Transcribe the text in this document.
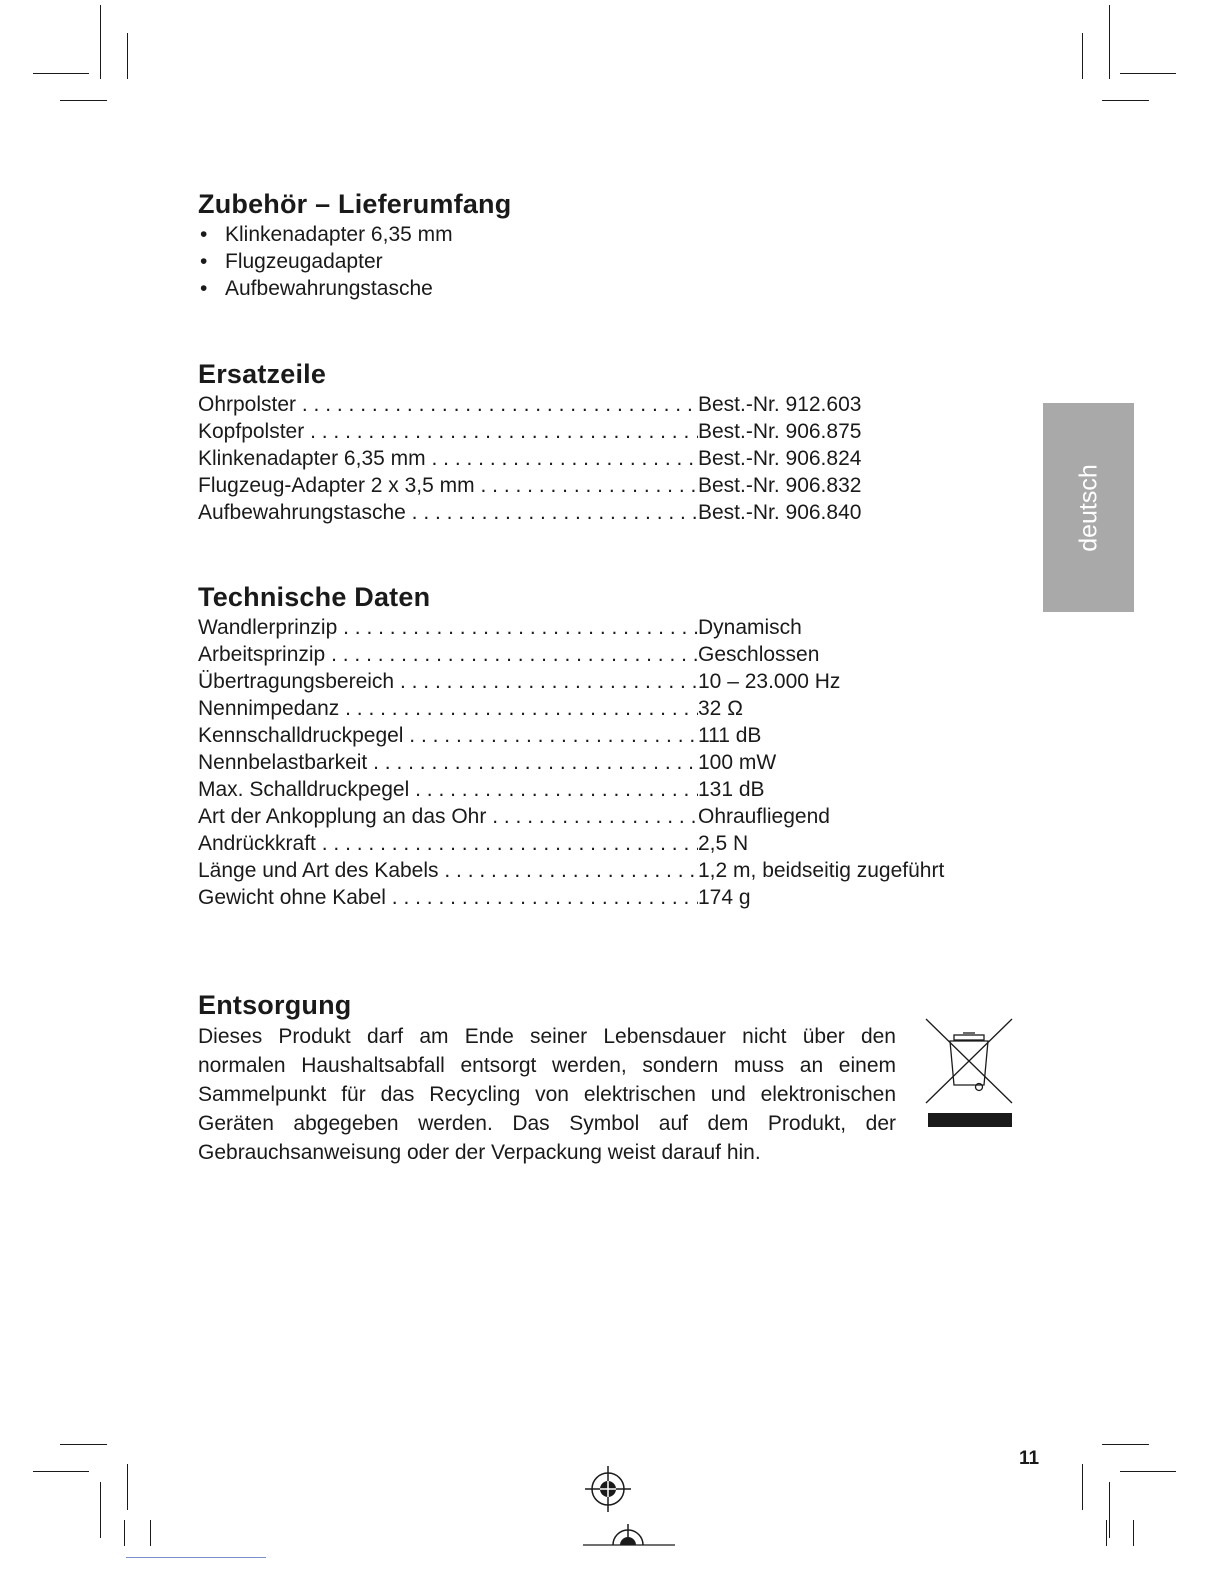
Zubehör – Lieferumfang
• Klinkenadapter 6,35 mm
• Flugzeugadapter
• Aufbewahrungstasche
Ersatzeile
Ohrpolster . . .	Best.-Nr. 912.603
Kopfpolster . . .	Best.-Nr. 906.875
Klinkenadapter 6,35 mm . . .	Best.-Nr. 906.824
Flugzeug-Adapter 2 x 3,5 mm . . .	Best.-Nr. 906.832
Aufbewahrungstasche . . .	Best.-Nr. 906.840
Technische Daten
Wandlerprinzip . . .	Dynamisch
Arbeitsprinzip . . .	Geschlossen
Übertragungsbereich . . .	10 – 23.000 Hz
Nennimpedanz . . .	32 Ω
Kennschalldruckpegel . . .	111 dB
Nennbelastbarkeit . . .	100 mW
Max. Schalldruckpegel . . .	131 dB
Art der Ankopplung an das Ohr . . .	Ohraufliegend
Andrückkraft . . .	2,5 N
Länge und Art des Kabels . . .	1,2 m, beidseitig zugeführt
Gewicht ohne Kabel . . .	174 g
Entsorgung

Dieses Produkt darf am Ende seiner Lebensdauer nicht über den normalen Haushaltsabfall entsorgt werden, sondern muss an einem Sammelpunkt für das Recycling von elektrischen und elektronischen Geräten abgegeben werden. Das Symbol auf dem Produkt, der Gebrauchsanweisung oder der Verpackung weist darauf hin.

deutsch
11
